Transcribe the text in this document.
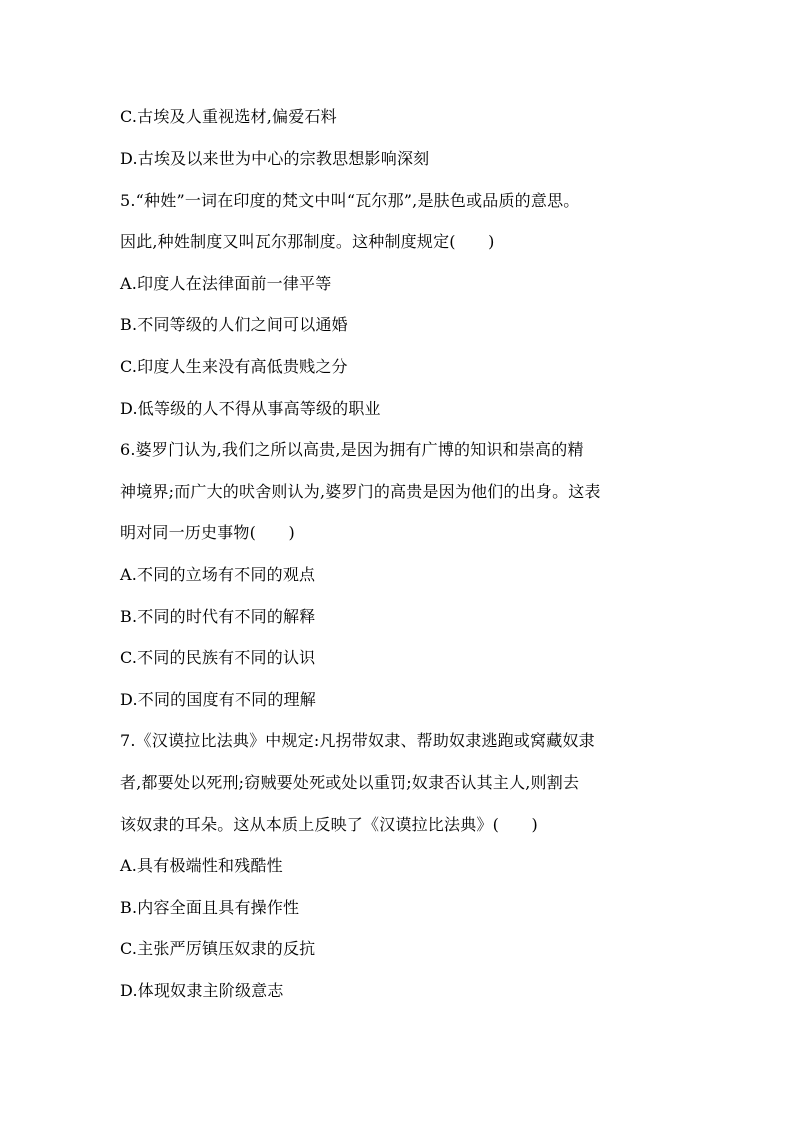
C.古埃及人重视选材,偏爱石料
D.古埃及以来世为中心的宗教思想影响深刻
5.“种姓”一词在印度的梵文中叫“瓦尔那”,是肤色或品质的意思。
因此,种姓制度又叫瓦尔那制度。这种制度规定(　　)
A.印度人在法律面前一律平等
B.不同等级的人们之间可以通婚
C.印度人生来没有高低贵贱之分
D.低等级的人不得从事高等级的职业
6.婆罗门认为,我们之所以高贵,是因为拥有广博的知识和崇高的精
神境界;而广大的吠舍则认为,婆罗门的高贵是因为他们的出身。这表
明对同一历史事物(　　)
A.不同的立场有不同的观点
B.不同的时代有不同的解释
C.不同的民族有不同的认识
D.不同的国度有不同的理解
7.《汉谟拉比法典》中规定:凡拐带奴隶、帮助奴隶逃跑或窝藏奴隶
者,都要处以死刑;窃贼要处死或处以重罚;奴隶否认其主人,则割去
该奴隶的耳朵。这从本质上反映了《汉谟拉比法典》(　　)
A.具有极端性和残酷性
B.内容全面且具有操作性
C.主张严厉镇压奴隶的反抗
D.体现奴隶主阶级意志
